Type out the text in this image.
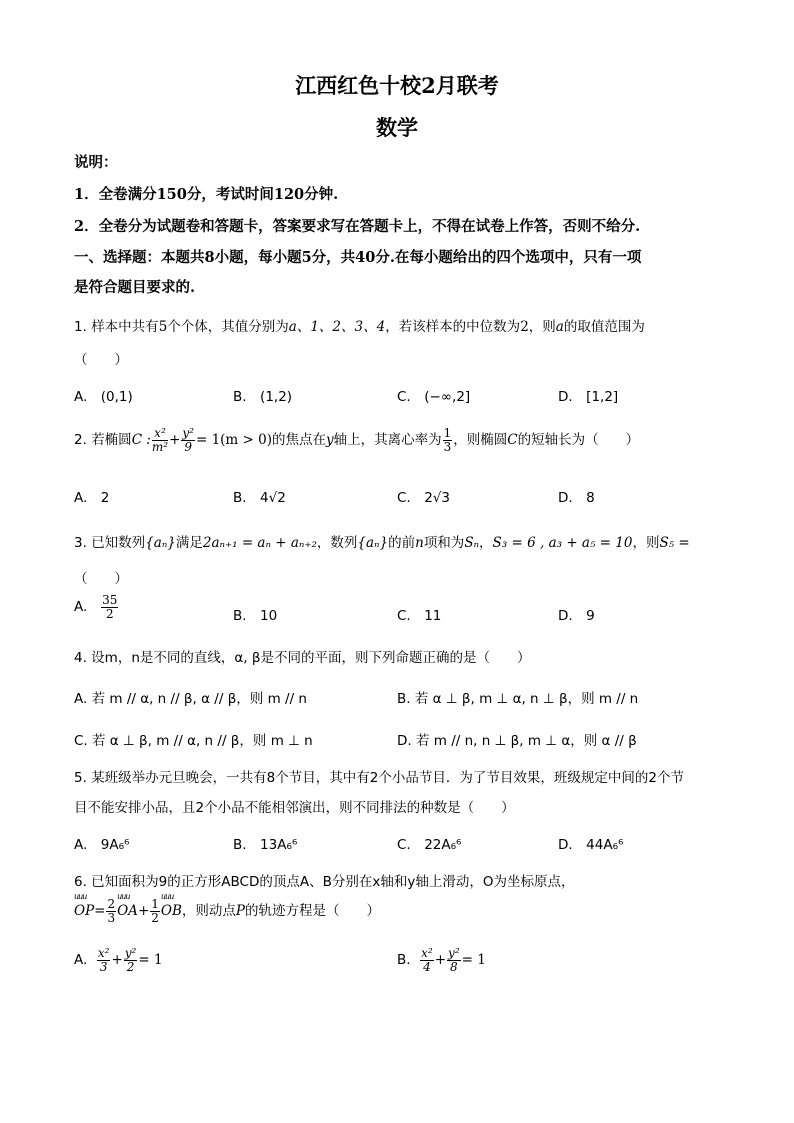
江西红色十校2月联考
数学
说明：
1．全卷满分150分，考试时间120分钟.
2．全卷分为试题卷和答题卡，答案要求写在答题卡上，不得在试卷上作答，否则不给分.
一、选择题：本题共8小题，每小题5分，共40分.在每小题给出的四个选项中，只有一项
是符合题目要求的.
1. 样本中共有5个个体，其值分别为a、1、2、3、4，若该样本的中位数为2，则a的取值范围为
（　　）
A.　(0,1)	B.　(1,2)	C.　(−∞,2]	D.　[1,2]
2. 若椭圆C : $\frac{\text{x²}}{\text{m²}} + \frac{\text{y²}}{9} = 1(m > 0)$的焦点在y轴上，其离心率为 $\frac{1}{3}$ ，则椭圆C的短轴长为（　　）
A.　2	B.　4√2	C.　2√3	D.　8
3. 已知数列{aₙ}满足2aₙ₊₁ = aₙ + aₙ₊₂，数列{aₙ}的前n项和为Sₙ，S₃ = 6 , a₃ + a₅ = 10，则S₅ =
（　　）
A. $\frac{35}{2}$	B.　10	C.　11	D.　9
4. 设m，n是不同的直线，α, β是不同的平面，则下列命题正确的是（　　）
A. 若 m // α, n // β, α // β，则 m // n	B. 若 α ⊥ β, m ⊥ α, n ⊥ β，则 m // n
C. 若 α ⊥ β, m // α, n // β，则 m ⊥ n	D. 若 m // n, n ⊥ β, m ⊥ α，则 α // β
5. 某班级举办元旦晚会，一共有8个节目，其中有2个小品节目．为了节目效果，班级规定中间的2个节
目不能安排小品，且2个小品不能相邻演出，则不同排法的种数是（　　）
A.　9A₆⁶	B.　13A₆⁶	C.　22A₆⁶	D.　44A₆⁶
6. 已知面积为9的正方形ABCD的顶点A、B分别在x轴和y轴上滑动，O为坐标原点，
uuu $OP= \frac{2}{3}$ uuu $OA+ \frac{1}{2}$ uuu OB，则动点P的轨迹方程是（　　）
A. $\frac{\text{x²}}{3} + \frac{\text{y²}}{2} = 1$	B. $\frac{\text{x²}}{4} + \frac{\text{y²}}{8} = 1$
